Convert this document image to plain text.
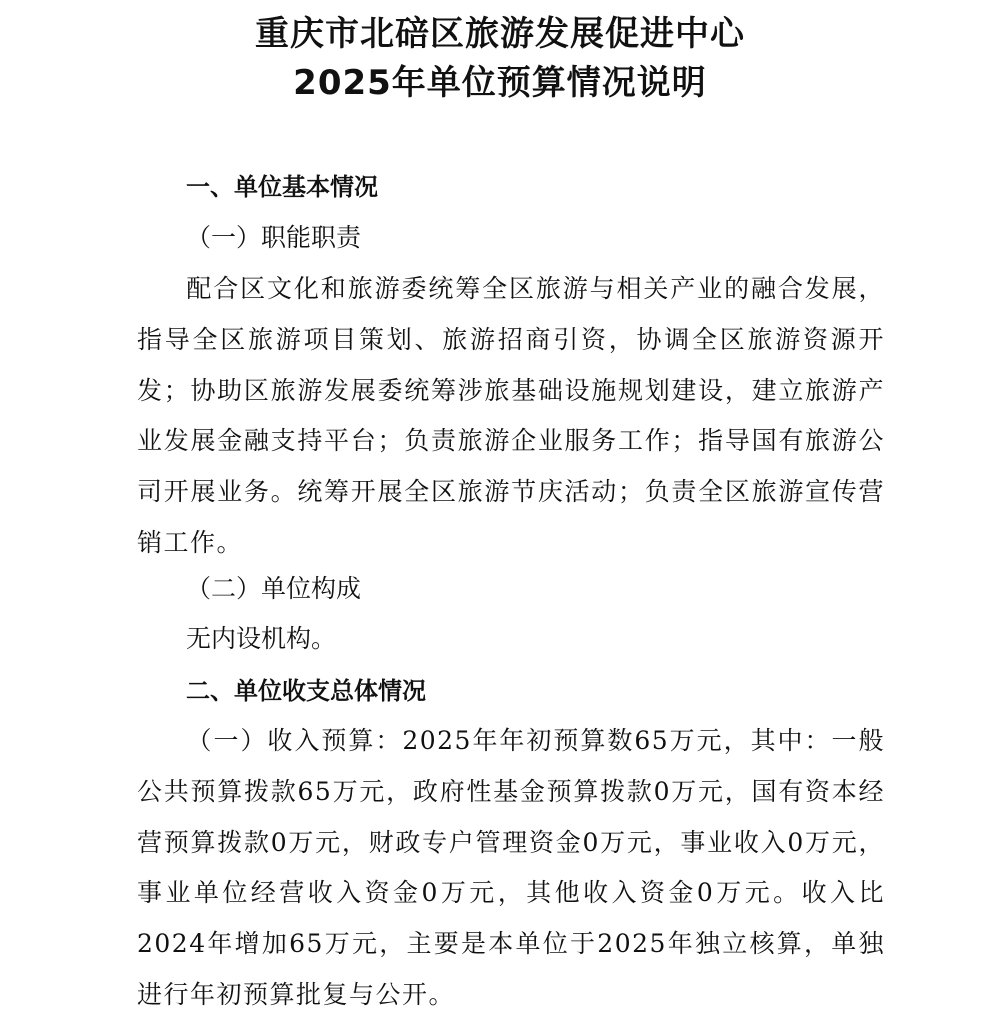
重庆市北碚区旅游发展促进中心
2025年单位预算情况说明
一、单位基本情况
（一）职能职责
配合区文化和旅游委统筹全区旅游与相关产业的融合发展，指导全区旅游项目策划、旅游招商引资，协调全区旅游资源开发；协助区旅游发展委统筹涉旅基础设施规划建设，建立旅游产业发展金融支持平台；负责旅游企业服务工作；指导国有旅游公司开展业务。统筹开展全区旅游节庆活动；负责全区旅游宣传营销工作。
（二）单位构成
无内设机构。
二、单位收支总体情况
（一）收入预算：2025年年初预算数65万元，其中：一般公共预算拨款65万元，政府性基金预算拨款0万元，国有资本经营预算拨款0万元，财政专户管理资金0万元，事业收入0万元，事业单位经营收入资金0万元，其他收入资金0万元。收入比2024年增加65万元，主要是本单位于2025年独立核算，单独进行年初预算批复与公开。
